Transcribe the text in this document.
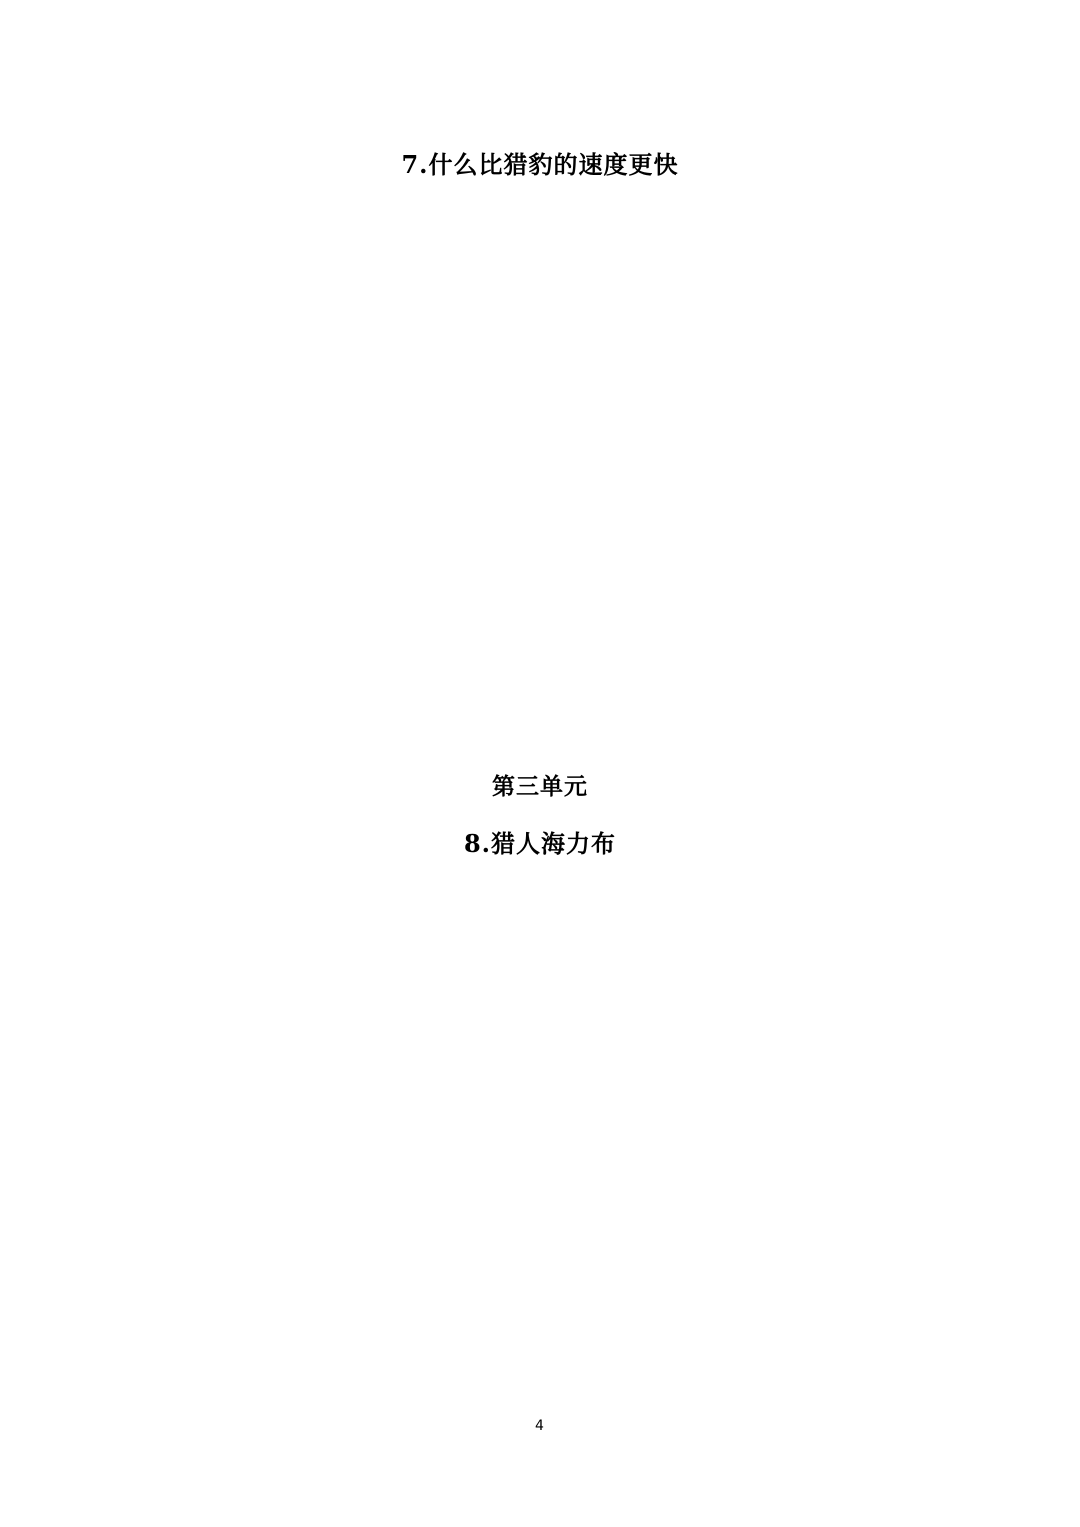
7.什么比猎豹的速度更快
第三单元
8.猎人海力布
4
